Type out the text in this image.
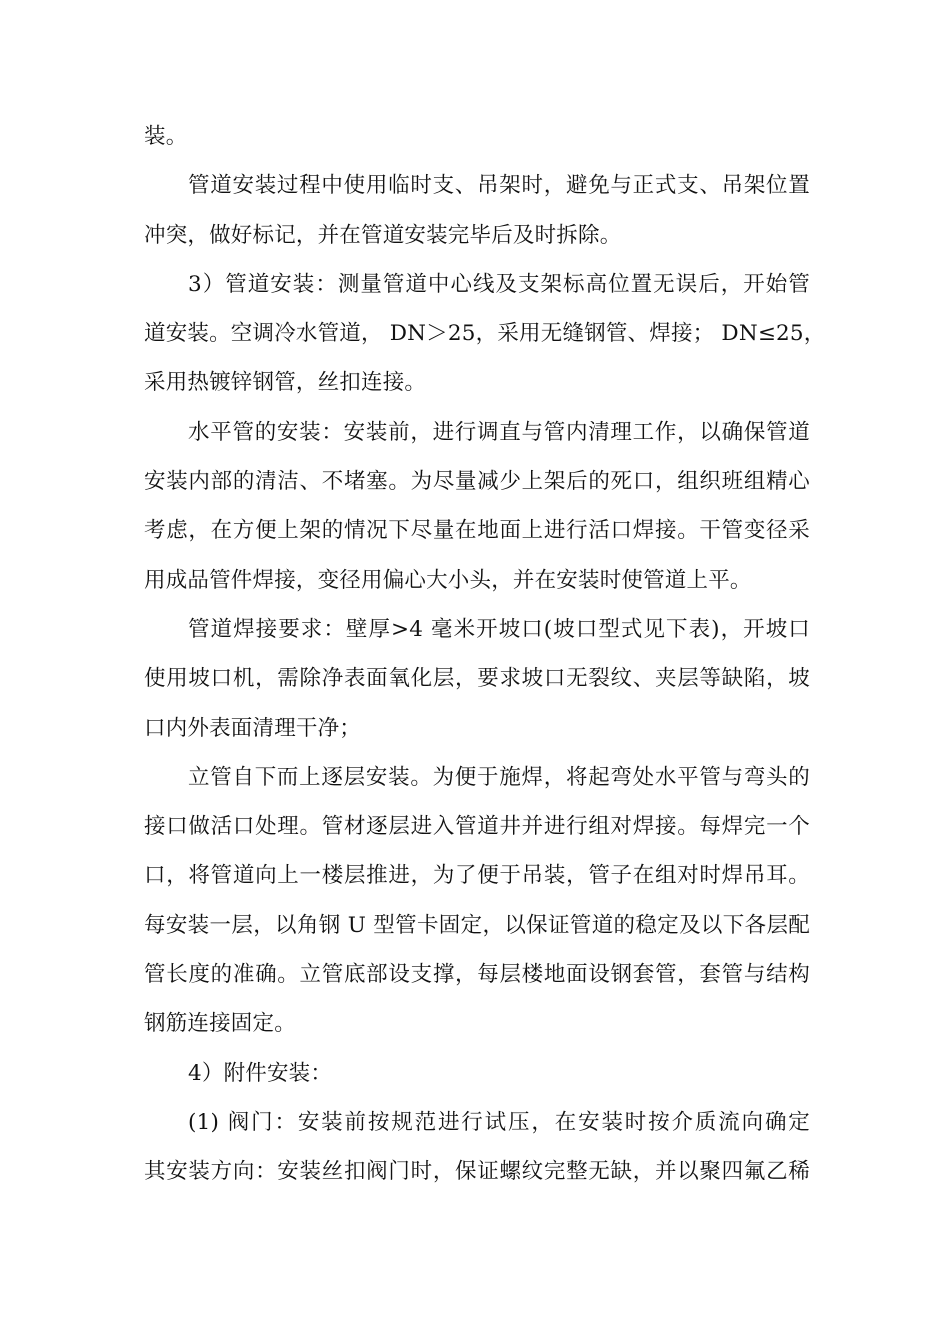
装。
管道安装过程中使用临时支、吊架时，避免与正式支、吊架位置
冲突，做好标记，并在管道安装完毕后及时拆除。
3）管道安装：测量管道中心线及支架标高位置无误后，开始管
道安装。空调冷水管道， DN＞25，采用无缝钢管、焊接； DN≤25，
采用热镀锌钢管，丝扣连接。
水平管的安装：安装前，进行调直与管内清理工作，以确保管道
安装内部的清洁、不堵塞。为尽量减少上架后的死口，组织班组精心
考虑，在方便上架的情况下尽量在地面上进行活口焊接。干管变径采
用成品管件焊接，变径用偏心大小头，并在安装时使管道上平。
管道焊接要求：壁厚>4 毫米开坡口(坡口型式见下表)，开坡口
使用坡口机，需除净表面氧化层，要求坡口无裂纹、夹层等缺陷，坡
口内外表面清理干净；
立管自下而上逐层安装。为便于施焊，将起弯处水平管与弯头的
接口做活口处理。管材逐层进入管道井并进行组对焊接。每焊完一个
口，将管道向上一楼层推进，为了便于吊装，管子在组对时焊吊耳。
每安装一层，以角钢 U 型管卡固定，以保证管道的稳定及以下各层配
管长度的准确。立管底部设支撑，每层楼地面设钢套管，套管与结构
钢筋连接固定。
4）附件安装：
(1) 阀门：安装前按规范进行试压，在安装时按介质流向确定
其安装方向：安装丝扣阀门时，保证螺纹完整无缺，并以聚四氟乙稀
